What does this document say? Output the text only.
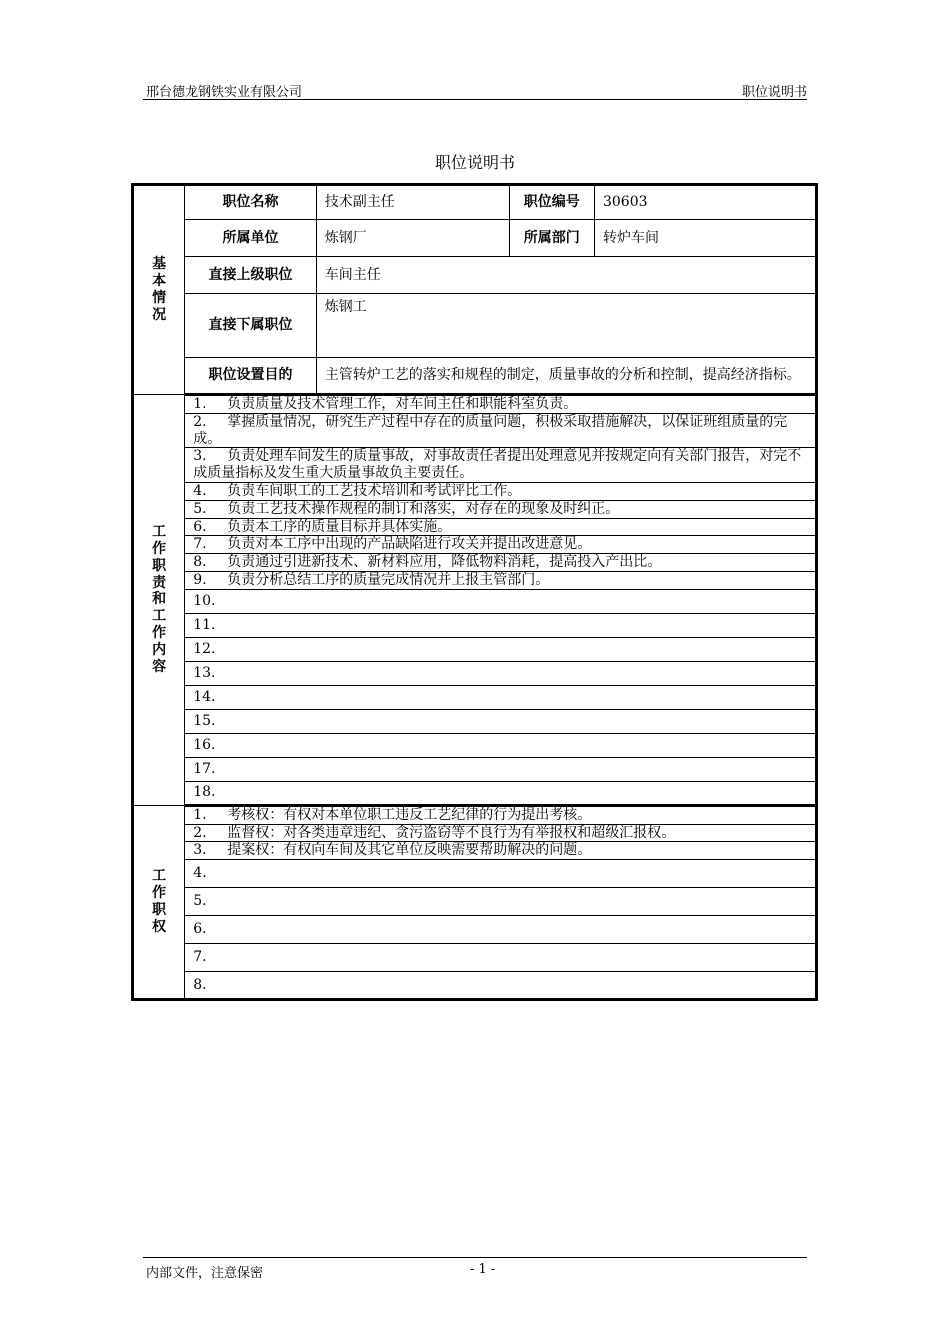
邢台德龙钢铁实业有限公司	职位说明书
职位说明书
基本情况	职位名称	技术副主任	职位编号	30603
	所属单位	炼钢厂	所属部门	转炉车间
	直接上级职位	车间主任		
	直接下属职位	炼钢工		
	职位设置目的	主管转炉工艺的落实和规程的制定，质量事故的分析和控制，提高经济指标。		
工作职责和工作内容	1. 负责质量及技术管理工作，对车间主任和职能科室负责。			
	2. 掌握质量情况，研究生产过程中存在的质量问题，积极采取措施解决，以保证班组质量的完成。			
	3. 负责处理车间发生的质量事故，对事故责任者提出处理意见并按规定向有关部门报告，对完不成质量指标及发生重大质量事故负主要责任。			
	4. 负责车间职工的工艺技术培训和考试评比工作。			
	5. 负责工艺技术操作规程的制订和落实，对存在的现象及时纠正。			
	6. 负责本工序的质量目标并具体实施。			
	7. 负责对本工序中出现的产品缺陷进行攻关并提出改进意见。			
	8. 负责通过引进新技术、新材料应用，降低物料消耗，提高投入产出比。			
	9. 负责分析总结工序的质量完成情况并上报主管部门。			
	10.			
	11.			
	12.			
	13.			
	14.			
	15.			
	16.			
	17.			
	18.			
工作职权	1. 考核权：有权对本单位职工违反工艺纪律的行为提出考核。			
	2. 监督权：对各类违章违纪、贪污盗窃等不良行为有举报权和超级汇报权。			
	3. 提案权：有权向车间及其它单位反映需要帮助解决的问题。			
	4.			
	5.			
	6.			
	7.			
	8.			
内部文件，注意保密	- 1 -
